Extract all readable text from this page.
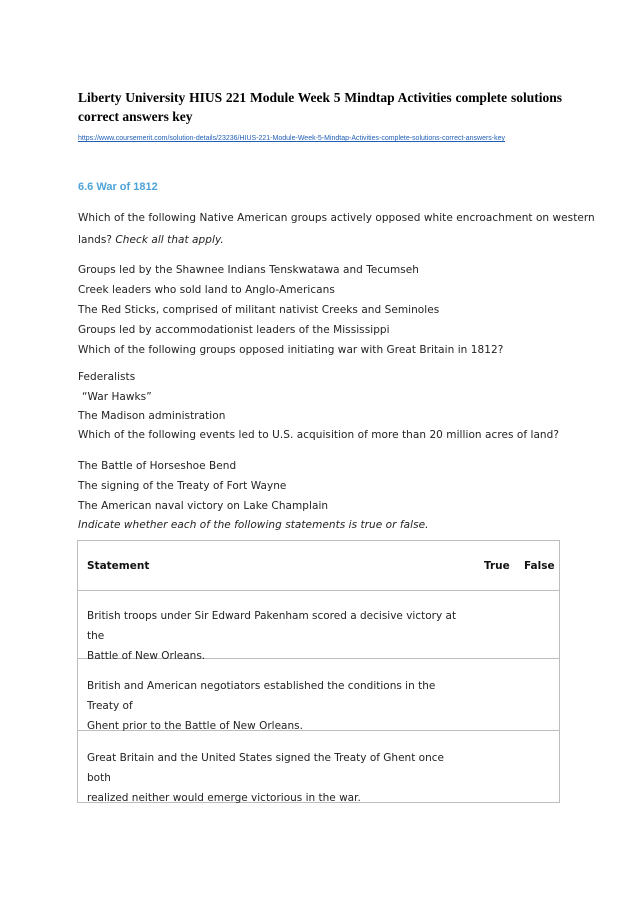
Liberty University HIUS 221 Module Week 5 Mindtap Activities complete solutions
correct answers key
https://www.coursemerit.com/solution-details/23236/HIUS-221-Module-Week-5-Mindtap-Activities-complete-solutions-correct-answers-key
6.6 War of 1812
Which of the following Native American groups actively opposed white encroachment on western
lands? Check all that apply.
Groups led by the Shawnee Indians Tenskwatawa and Tecumseh
Creek leaders who sold land to Anglo-Americans
The Red Sticks, comprised of militant nativist Creeks and Seminoles
Groups led by accommodationist leaders of the Mississippi
Which of the following groups opposed initiating war with Great Britain in 1812?
Federalists
“War Hawks”
The Madison administration
Which of the following events led to U.S. acquisition of more than 20 million acres of land?
The Battle of Horseshoe Bend
The signing of the Treaty of Fort Wayne
The American naval victory on Lake Champlain
Indicate whether each of the following statements is true or false.
Statement	True False
British troops under Sir Edward Pakenham scored a decisive victory at the
Battle of New Orleans.
British and American negotiators established the conditions in the Treaty of
Ghent prior to the Battle of New Orleans.
Great Britain and the United States signed the Treaty of Ghent once both
realized neither would emerge victorious in the war.
